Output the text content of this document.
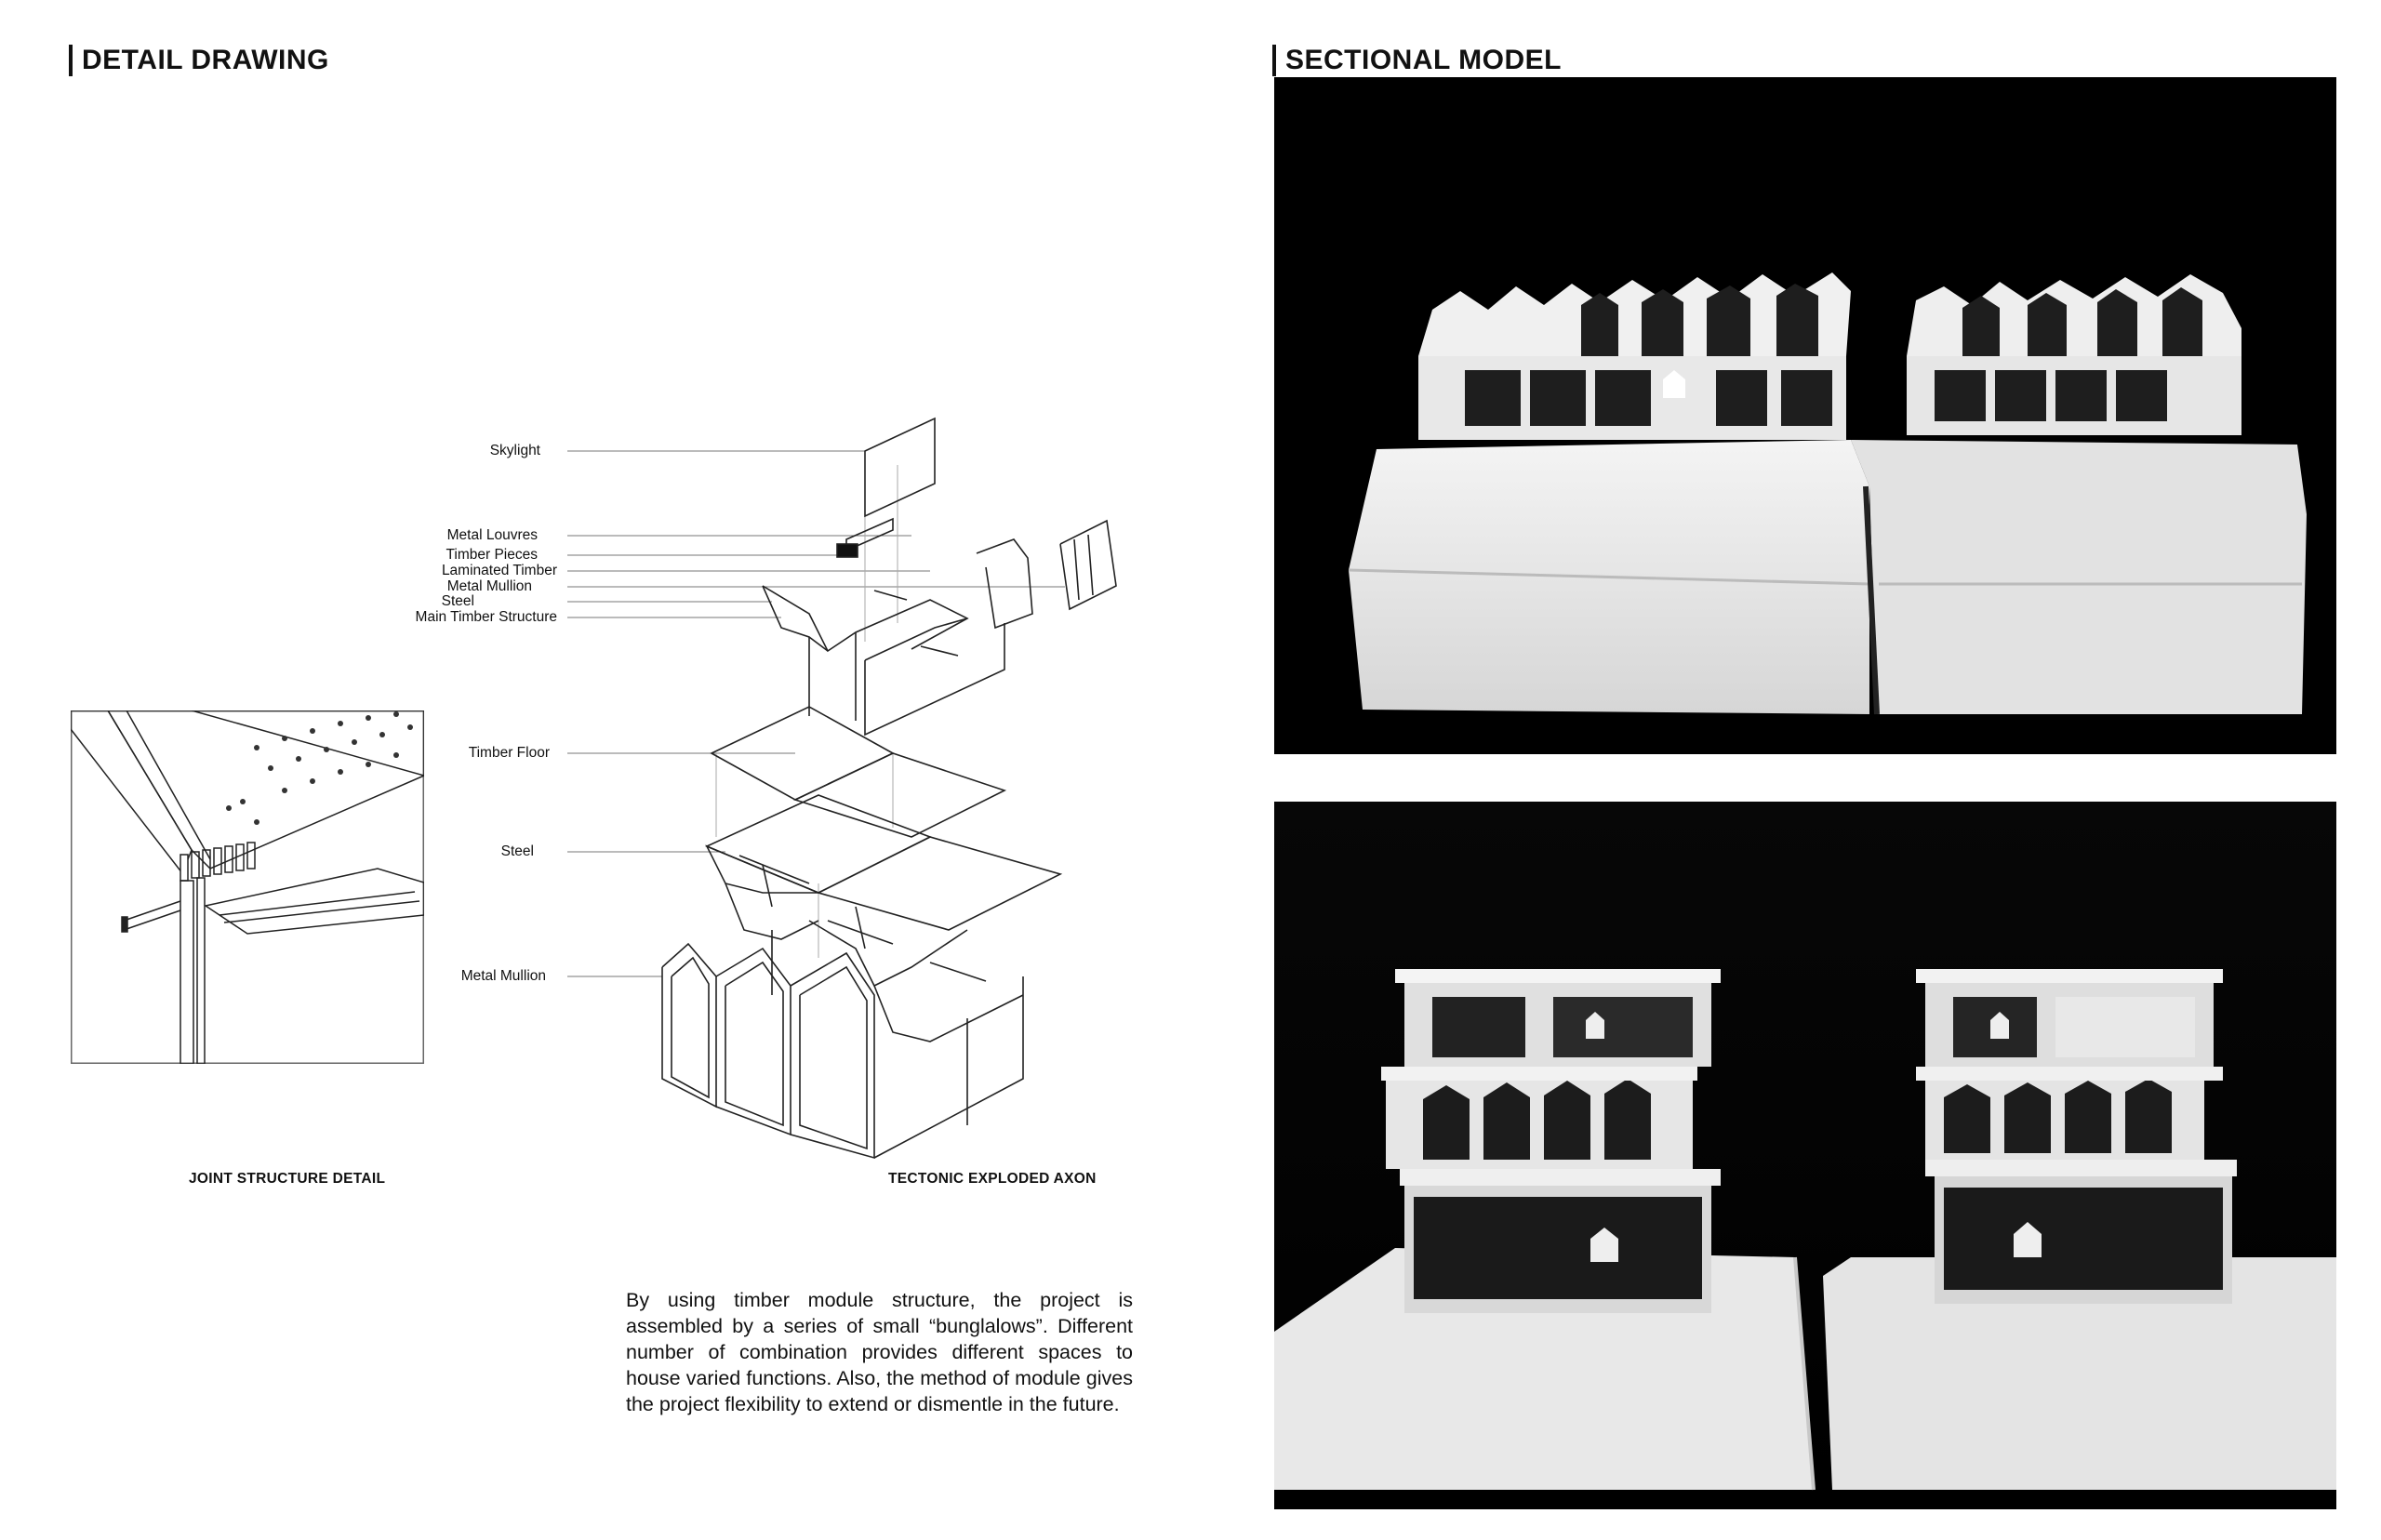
DETAIL DRAWING	SECTIONAL MODEL
Skylight
Metal Louvres
Timber Pieces
Laminated Timber
Metal Mullion
Steel
Main Timber Structure
Timber Floor
Steel
Metal Mullion
JOINT STRUCTURE DETAIL	TECTONIC EXPLODED AXON

By using timber module structure, the project is assembled by a series of small “bunglalows”. Different number of combination provides different spaces to house varied functions. Also, the method of module gives the project flexibility to extend or dismentle in the future.
